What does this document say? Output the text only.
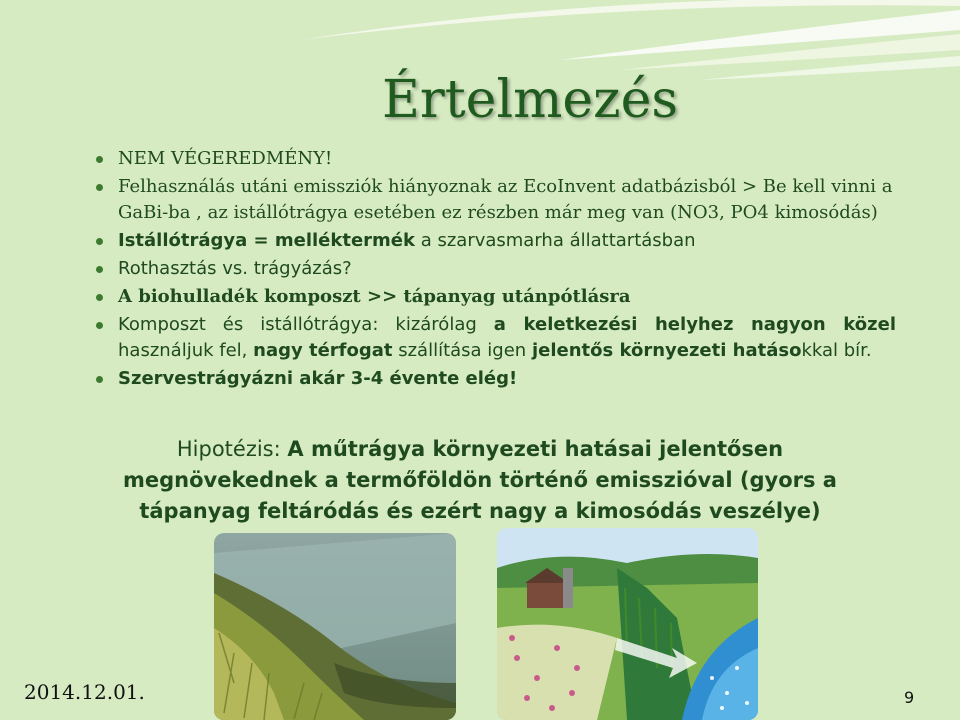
Értelmezés
NEM VÉGEREDMÉNY!
Felhasználás utáni emissziók hiányoznak az EcoInvent adatbázisból > Be kell vinni a GaBi-ba , az istállótrágya esetében ez részben már meg van (NO3, PO4 kimosódás)
Istállótrágya = melléktermék a szarvasmarha állattartásban
Rothasztás vs. trágyázás?
A biohulladék komposzt >> tápanyag utánpótlásra
Komposzt és istállótrágya: kizárólag a keletkezési helyhez nagyon közel használjuk fel, nagy térfogat szállítása igen jelentős környezeti hatásokkal bír.
Szervestrágyázni akár 3-4 évente elég!
Hipotézis: A műtrágya környezeti hatásai jelentősen megnövekednek a termőföldön történő emisszióval (gyors a tápanyag feltáródás és ezért nagy a kimosódás veszélye)
2014.12.01.	9
